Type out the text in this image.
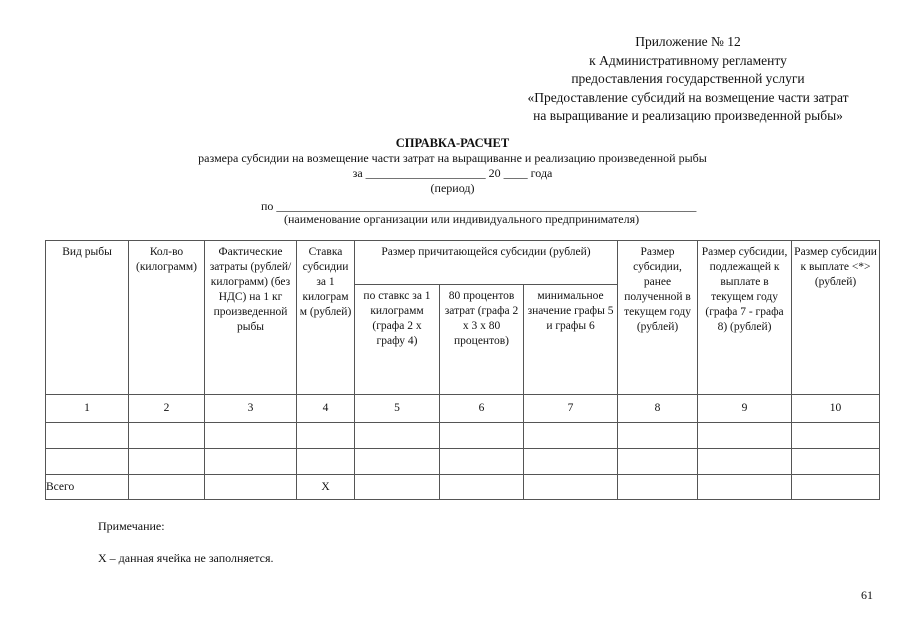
Приложение № 12
к Административному регламенту
предоставления государственной услуги
«Предоставление субсидий на возмещение части затрат
на выращивание и реализацию произведенной рыбы»
СПРАВКА-РАСЧЕТ
размера субсидии на возмещение части затрат на выращиванне и реализацию произведенной рыбы
за ____________________ 20 ____ года
(период)
по ______________________________________________________________________
(наименование организации или индивидуального предпринимателя)
Вид рыбы	Кол-во (килограмм)	Фактические затраты (рублей/килограмм) (без НДС) на 1 кг произведенной рыбы	Ставка субсидии за 1 килограм м (рублей)	Размер причитающейся субсидии (рублей)			Размер субсидии, ранее полученной в текущем году (рублей)	Размер субсидии, подлежащей к выплате в текущем году (графа 7 - графа 8) (рублей)	Размер субсидии к выплате <*> (рублей)
				по ставкс за 1 килограмм (графа 2 х графу 4)	80 процентов затрат (графа 2 х 3 х 80 процентов)	минимальное значение графы 5 и графы 6			
1	2	3	4	5	6	7	8	9	10

Всего			X						
Примечание:
Х – данная ячейка не заполняется.
61
